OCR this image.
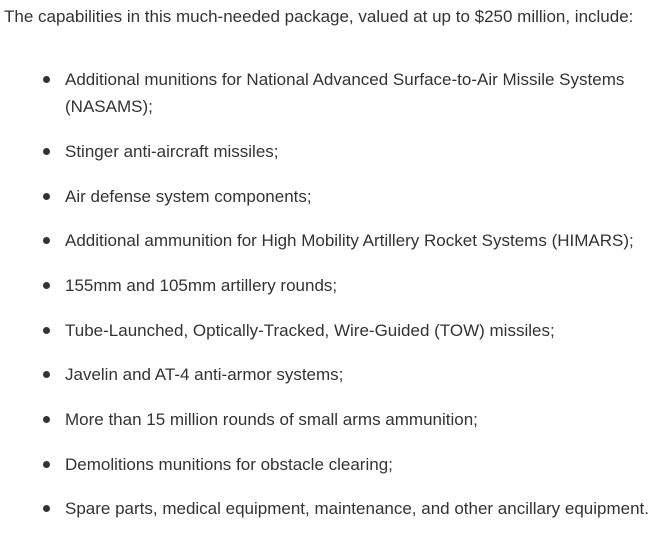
The capabilities in this much-needed package, valued at up to $250 million, include:

Additional munitions for National Advanced Surface-to-Air Missile Systems (NASAMS);
Stinger anti-aircraft missiles;
Air defense system components;
Additional ammunition for High Mobility Artillery Rocket Systems (HIMARS);
155mm and 105mm artillery rounds;
Tube-Launched, Optically-Tracked, Wire-Guided (TOW) missiles;
Javelin and AT-4 anti-armor systems;
More than 15 million rounds of small arms ammunition;
Demolitions munitions for obstacle clearing;
Spare parts, medical equipment, maintenance, and other ancillary equipment.
